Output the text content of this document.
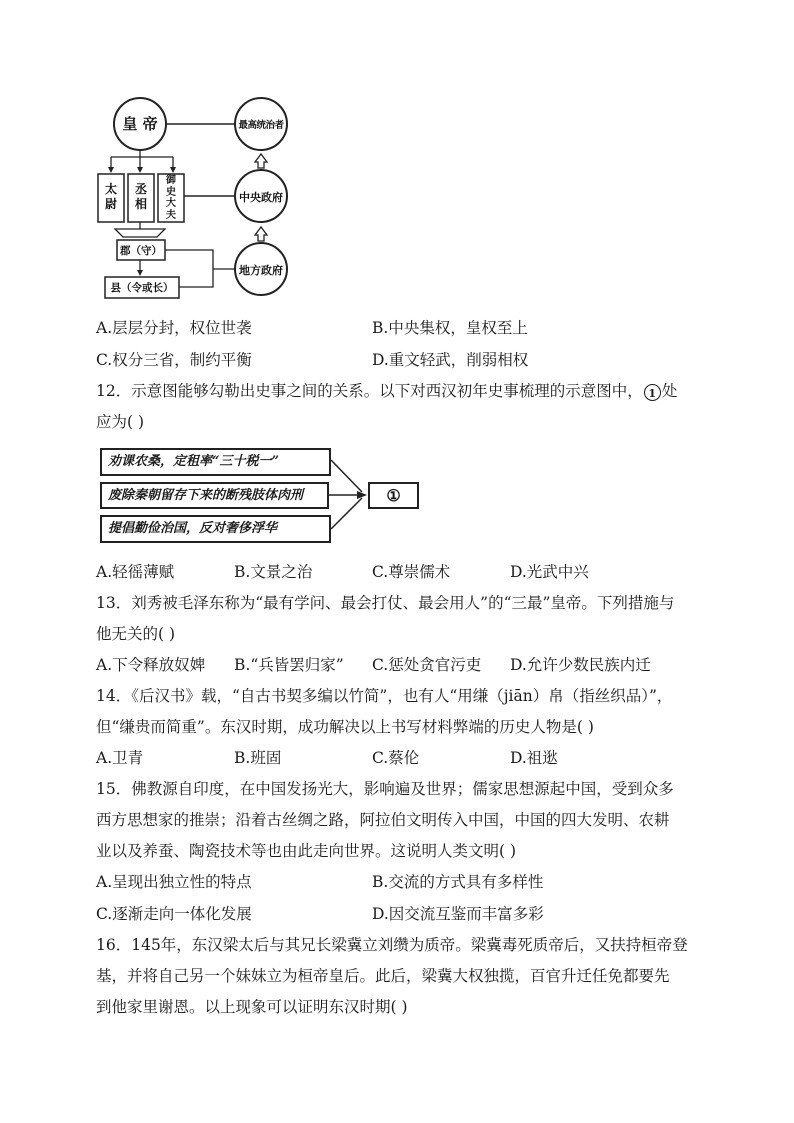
皇 帝	最高统治者
中央政府
地方政府
太
尉
丞
相
御
史
大
夫
郡（守）
县（令或长）
A.层层分封，权位世袭	B.中央集权，皇权至上
C.权分三省，制约平衡	D.重文轻武，削弱相权
12．示意图能够勾勒出史事之间的关系。以下对西汉初年史事梳理的示意图中， 1 处
应为( )
劝课农桑，定租率“三十税一”
废除秦朝留存下来的断残肢体肉刑
提倡勤俭治国，反对奢侈浮华
①
A.轻徭薄赋	B.文景之治	C.尊崇儒术	D.光武中兴
13．刘秀被毛泽东称为“最有学问、最会打仗、最会用人”的“三最”皇帝。下列措施与
他无关的( )
A.下令释放奴婢 B.“兵皆罢归家” C.惩处贪官污吏 D.允许少数民族内迁
14．《后汉书》载，“自古书契多编以竹简”，也有人“用缣（jiān）帛（指丝织品）”，
但“缣贵而简重”。东汉时期，成功解决以上书写材料弊端的历史人物是( )
A.卫青	B.班固	C.蔡伦	D.祖逖
15．佛教源自印度，在中国发扬光大，影响遍及世界；儒家思想源起中国，受到众多
西方思想家的推崇；沿着古丝绸之路，阿拉伯文明传入中国，中国的四大发明、农耕
业以及养蚕、陶瓷技术等也由此走向世界。这说明人类文明( )
A.呈现出独立性的特点	B.交流的方式具有多样性
C.逐渐走向一体化发展	D.因交流互鉴而丰富多彩
16．145年，东汉梁太后与其兄长梁冀立刘缵为质帝。梁冀毒死质帝后，又扶持桓帝登
基，并将自己另一个妹妹立为桓帝皇后。此后，梁冀大权独揽，百官升迁任免都要先
到他家里谢恩。以上现象可以证明东汉时期( )
